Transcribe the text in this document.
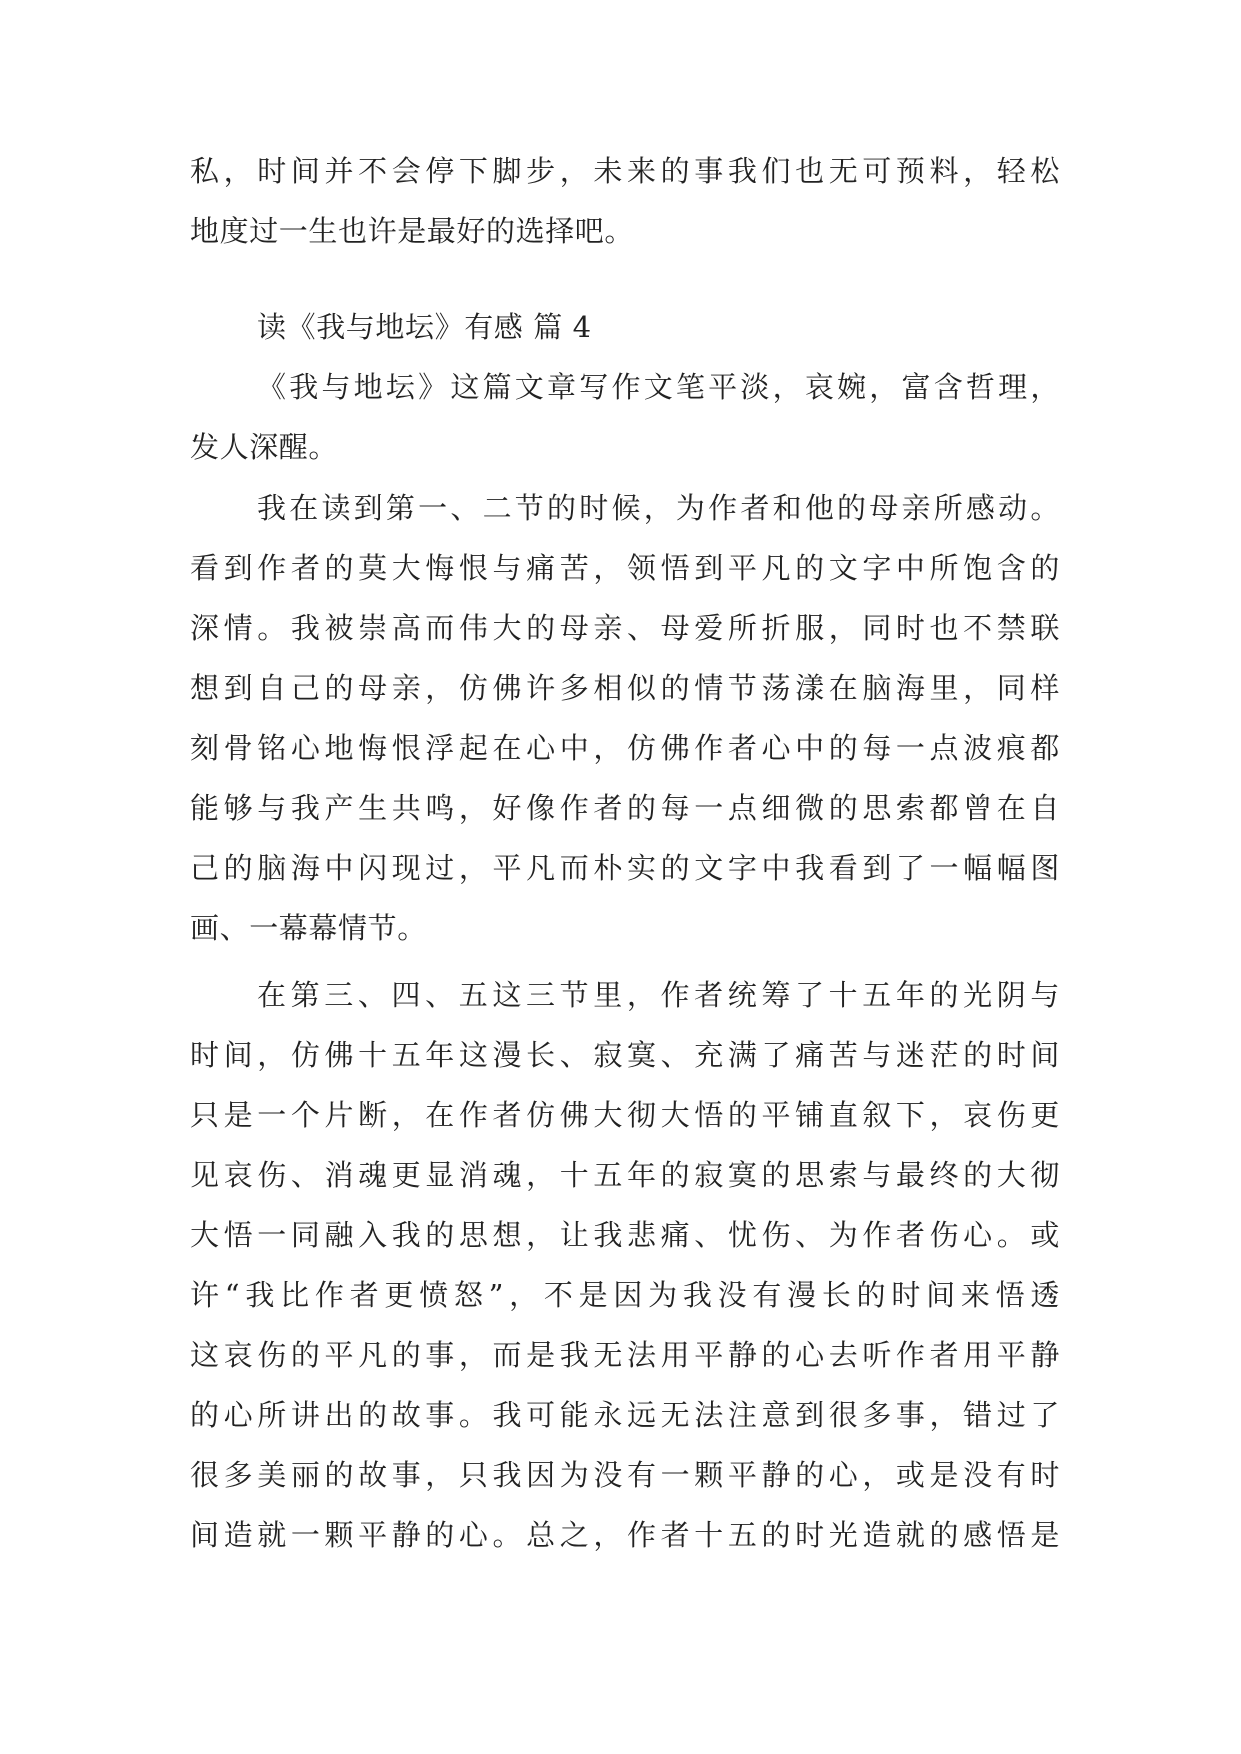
私，时间并不会停下脚步，未来的事我们也无可预料，轻松
地度过一生也许是最好的选择吧。
读《我与地坛》有感 篇 4
《我与地坛》这篇文章写作文笔平淡，哀婉，富含哲理，
发人深醒。
我在读到第一、二节的时候，为作者和他的母亲所感动。
看到作者的莫大悔恨与痛苦，领悟到平凡的文字中所饱含的
深情。我被崇高而伟大的母亲、母爱所折服，同时也不禁联
想到自己的母亲，仿佛许多相似的情节荡漾在脑海里，同样
刻骨铭心地悔恨浮起在心中，仿佛作者心中的每一点波痕都
能够与我产生共鸣，好像作者的每一点细微的思索都曾在自
己的脑海中闪现过，平凡而朴实的文字中我看到了一幅幅图
画、一幕幕情节。
在第三、四、五这三节里，作者统筹了十五年的光阴与
时间，仿佛十五年这漫长、寂寞、充满了痛苦与迷茫的时间
只是一个片断，在作者仿佛大彻大悟的平铺直叙下，哀伤更
见哀伤、消魂更显消魂，十五年的寂寞的思索与最终的大彻
大悟一同融入我的思想，让我悲痛、忧伤、为作者伤心。或
许“我比作者更愤怒”，不是因为我没有漫长的时间来悟透
这哀伤的平凡的事，而是我无法用平静的心去听作者用平静
的心所讲出的故事。我可能永远无法注意到很多事，错过了
很多美丽的故事，只我因为没有一颗平静的心，或是没有时
间造就一颗平静的心。总之，作者十五的时光造就的感悟是
